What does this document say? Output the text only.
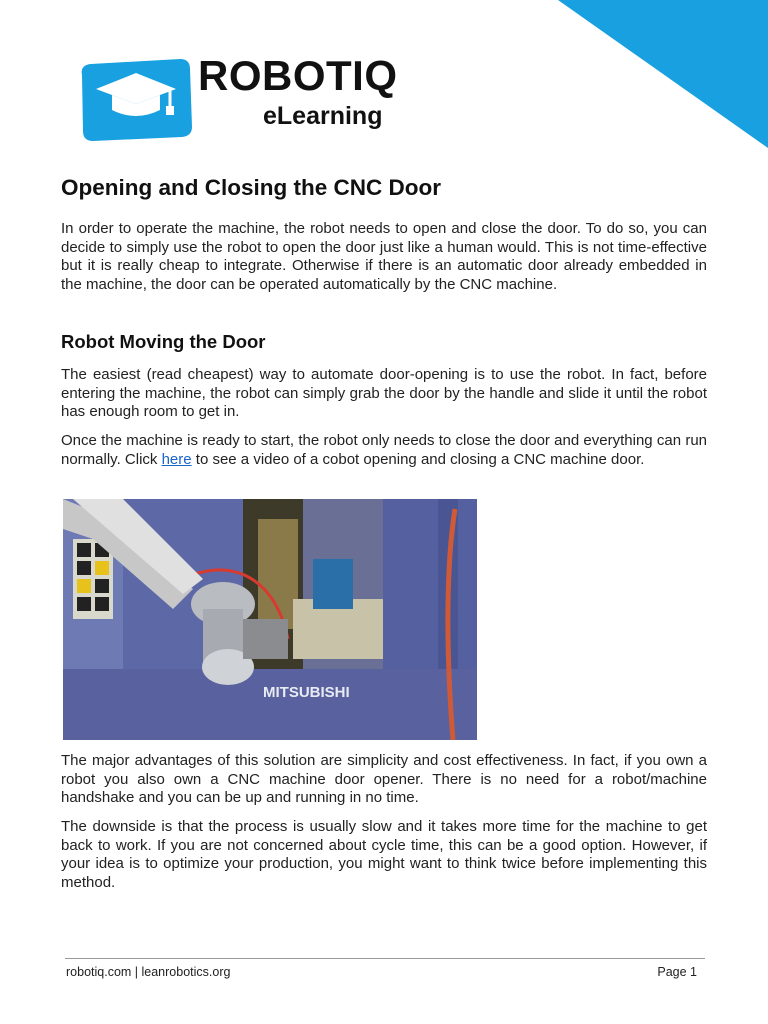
ROBOTIQ
eLearning
Opening and Closing the CNC Door

In order to operate the machine, the robot needs to open and close the door. To do so, you can decide to simply use the robot to open the door just like a human would. This is not time-effective but it is really cheap to integrate. Otherwise if there is an automatic door already embedded in the machine, the door can be operated automatically by the CNC machine.

Robot Moving the Door

The easiest (read cheapest) way to automate door-opening is to use the robot. In fact, before entering the machine, the robot can simply grab the door by the handle and slide it until the robot has enough room to get in.

Once the machine is ready to start, the robot only needs to close the door and everything can run normally. Click here to see a video of a cobot opening and closing a CNC machine door.

MITSUBISHI

The major advantages of this solution are simplicity and cost effectiveness. In fact, if you own a robot you also own a CNC machine door opener. There is no need for a robot/machine handshake and you can be up and running in no time.

The downside is that the process is usually slow and it takes more time for the machine to get back to work. If you are not concerned about cycle time, this can be a good option. However, if your idea is to optimize your production, you might want to think twice before implementing this method.

robotiq.com | leanrobotics.org	Page 1
